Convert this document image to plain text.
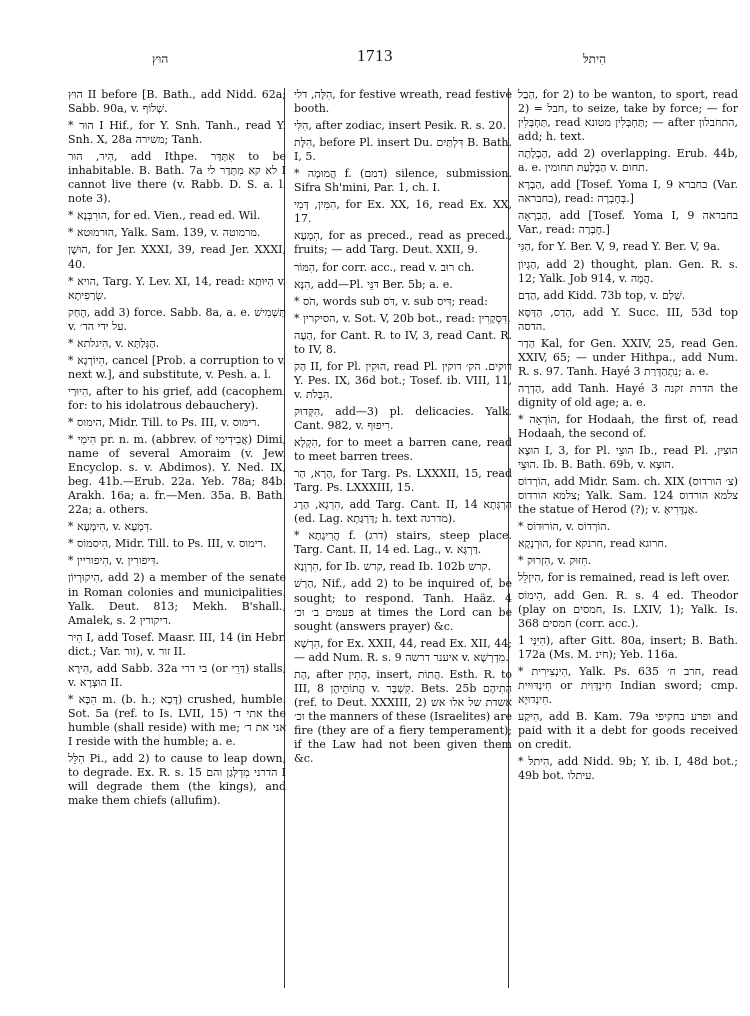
הוּץ	1713	הִיתלּ
הוּץ II before [B. Bath., add Nidd. 62a; Sabb. 90a, v. שְׁלוֹף.
* הוּר I Hif., for Y. Snh. Tanh., read Y. Snh. X, 28a משירה; Tanh.
הִיר, הוּר, add Ithpe. אִתְּדַּר to be inhabitable. B. Bath. 7a לא קא מִתְּדַר לי I cannot live there (v. Rabb. D. S. a. l. note 3).
* הוּרִבְּנָא, for ed. Vien., read ed. Wil.
* הוּרמוּטא, Yalk. Sam. 139, v. ‏מרמוטה.
הוּשָׁן, for Jer. XXXI, 39, read Jer. XXXI, 40.
* הויא, Targ. Y. Lev. XI, 14, read: הִיּוּתָא v. שְׂרַפִיתָא.
הָחַק, add 3) force. Sabb. 8a, a. e. ‏תַּשְׁמִישׁ v. על ידי הד׳.
* הִיגלתא, v. הַגְּלַתָּא.
* הִיוֹרְגָא, cancel [Prob. a corruption to v. next w.], and substitute, v. Pesh. a. l.
הִיוּרַי, after to his grief, add (cacophem. for: to his idolatrous debauchery).
* הימוס, Midr. Till. to Ps. III, v. ‏רימוס.
* הִימִי pr. n. m. (abbrev. of אֲבִידִימִי) Dimi, name of several Amoraim (v. Jew. Encyclop. s. v. Abdimos). Y. Ned. IX, beg. 41b.—Erub. 22a. Yeb. 78a; 84b. Arakh. 16a; a. fr.—Men. 35a. B. Bath. 22a; a. others.
* הִימְעָא, v. דִּמְעָא.
* הִיסמוֹס, Midr. Till. to Ps. III, v. רימוס.
* הִיפוריין, v. דִּיפורִין.
הִיקוּרְיוֹן, add 2) a member of the senate in Roman colonies and municipalities. Yalk. Deut. 813; Mekh. B'shall., Amalek, s. 2 דיקורין.
הִיר I, add Tosef. Maasr. III, 14 (in Hebr. dict.; Var. זור), v. זור II.
הִירָא, add Sabb. 32a בי דרי (or דַּרֵי) stalls, v. הוּצְרָא II.
* הִכָּא m. (b. h.; דָּכָא) crushed, humble. Sot. 5a (ref. to Is. LVII, 15) אתי ד׳ the humble (shall reside) with me; אני את ד׳ I reside with the humble; a. e.
הִלֵּל Pi., add 2) to cause to leap down, to degrade. Ex. R. s. 15 הדרני מִדְלְּגַן והם I will degrade them (the kings), and make them chiefs (allufim).
הִלָּה, דלי, for festive wreath, read festive booth.
הִלִּי, after zodiac, insert Pesik. R. s. 20.
הִלֶּת, before Pl. insert Du. דִּלְתַּיִם B. Bath. I, 5.
* הֲמוּמָה f. (דמם) silence, submission. Sifra Sh'mini, Par. 1, ch. I.
הִמִּין, דְּמִי, for Ex. XX, 16, read Ex. XX, 17.
הִמְעָא, for as preced., read as preced., fruits; — add Targ. Deut. XXII, 9.
הִמּוֹר, for corr. acc., read v. רוּב ch.
הִנָּא, add—Pl. דּנֵּי Ber. 5b; a. e.
* הֹס, words sub דֹּס, v. sub דִּיס; read:
* הסיקרין, v. Sot. V, 20b bot., read: דִּסְקָרִין.
הַעָה, for Cant. R. to IV, 3, read Cant. R. to IV, 8.
הַק II, for Pl. הוּקִין, read Pl. דוקים. הק׳ דוקין Y. Pes. IX, 36d bot.; Tosef. ib. VIII, 11, v. הִבְּלֹת.
הִקְּדוּק, add—3) pl. delicacies. Yalk. Cant. 982, v. רִיפוּף.
הִקְלָא, for to meet a barren cane, read to meet barren trees.
הַרָא, הַר, for Targ. Ps. LXXXII, 15, read Targ. Ps. LXXXIII, 15.
הִרְגָא, הַרָג, add Targ. Cant. II, 14 הַרְגְּתָא (ed. Lag. דַּרְגַּתָא; h. text מדרגה).
* הֲרִיגָתָא f. (דרג) stairs, steep place. Targ. Cant. II, 14 ed. Lag., v. דַּרְגָּא.
הִרְוָנָא, for Ib. קרש, read Ib. 102b קרש.
הַרַשׁ, Nif., add 2) to be inquired of, be sought; to respond. Tanh. Haäz. 4 פעמים ב׳ וכ׳ at times the Lord can be sought (answers prayer) &c.
הִרְשָׁא, for Ex. XXII, 44, read Ex. XII, 44; — add Num. R. s. 9 איענר דרשה v. מִדְרְשָׁא.
הָת, after הָתִין, insert, הֲתוֹת. Esth. R. to III, 8 הֲתוֹתֵיהֶן v. קִשְׁבָּר. Bets. 25b הָתִיהֶם (ref. to Deut. XXXIII, 2) אשדת של אלו אש וכ׳ the manners of these (Israelites) are fire (they are of a fiery temperament); if the Law had not been given them &c.
הַבַל, for 2) to be wanton, to sport, read 2) = חבל, to seize, take by force; — for תַּחְבְּלִין, read תַּחְבְּלִין מטונא; — after ‏התחבלון, add; h. text.
הַבְלָתָה, add 2) overlapping. Erub. 44b, a. e. הַבְלָעַת תחומין v. תחום.
הַבְרָא, add [Tosef. Yoma I, 9 בחברא (Var. בחבראה), read: בְּחֶבְרָה.]
הַבְרָאָה, add [Tosef. Yoma I, 9 בחבראה Var., read: חֶבְרָה.]
הַגִּי, for Y. Ber. V, 9, read Y. Ber. V, 9a.
הַגְיוֹן, add 2) thought, plan. Gen. R. s. 12; Yalk. Job 914, v. הֲמָה.
הַדַם, add Kidd. 73b top, v. שְׁלַם.
הַדַס, הַדַּסָּא, add Y. Succ. III, 53d top הדסה.
הַדַר Kal, for Gen. XXIV, 25, read Gen. XXIV, 65; — under Hithpa., add Num. R. s. 97. Tanh. Hayé 3 נִתְהַדְּרַת; a. e.
הַדְרָה, add Tanh. Hayé 3 הדרת זקנה the dignity of old age; a. e.
* הוֹדְאָה, for Hodaah, the first of, read Hodaah, the second of.
הוּצָא I, 3, for Pl. הוּצֵי Ib., read Pl. הוּצִין, הוּצֵי. Ib. B. Bath. 69b, v. הוּצָא.
הוֹרְדוֹס, add Midr. Sam. ch. XIX (צ׳ הורדוס) צלמא הורדוס; Yalk. Sam. 124 צלמא הורדוס the statue of Herod (?); v. אַנְדָּרִיאָ.
* הוֹרוּדוֹס, v. הוֹרְדוֹס.
הוּרְנָקָא, for חרנקא, read חרוגא.
* הִזְרוּק, v. חִזּוּק.
הִיזָלֵל, for is remained, read is left over.
הִימוֹס, add Gen. R. s. 4 ed. Theodor (play on חמסים, Is. LXIV, 1); Yalk. Is. 368 חמסים (corr. acc.).
הִיִּנָּי 1), after Gitt. 80a, insert; B. Bath. 172a (Ms. M. חינ); Yeb. 116a.
* הִינְצִירִית, Yalk. Ps. 635 חרב ח׳, read חִינְדּוּיִית or חִינְדְּוִית Indian sword; cmp. חִינְדוּיָא.
הִיקַע, add B. Kam. 79a ופרע בחקיפי and paid with it a debt for goods received on credit.
* הִיתלּ, add Nidd. 9b; Y. ib. I, 48d bot.; 49b bot. עיתלו.
